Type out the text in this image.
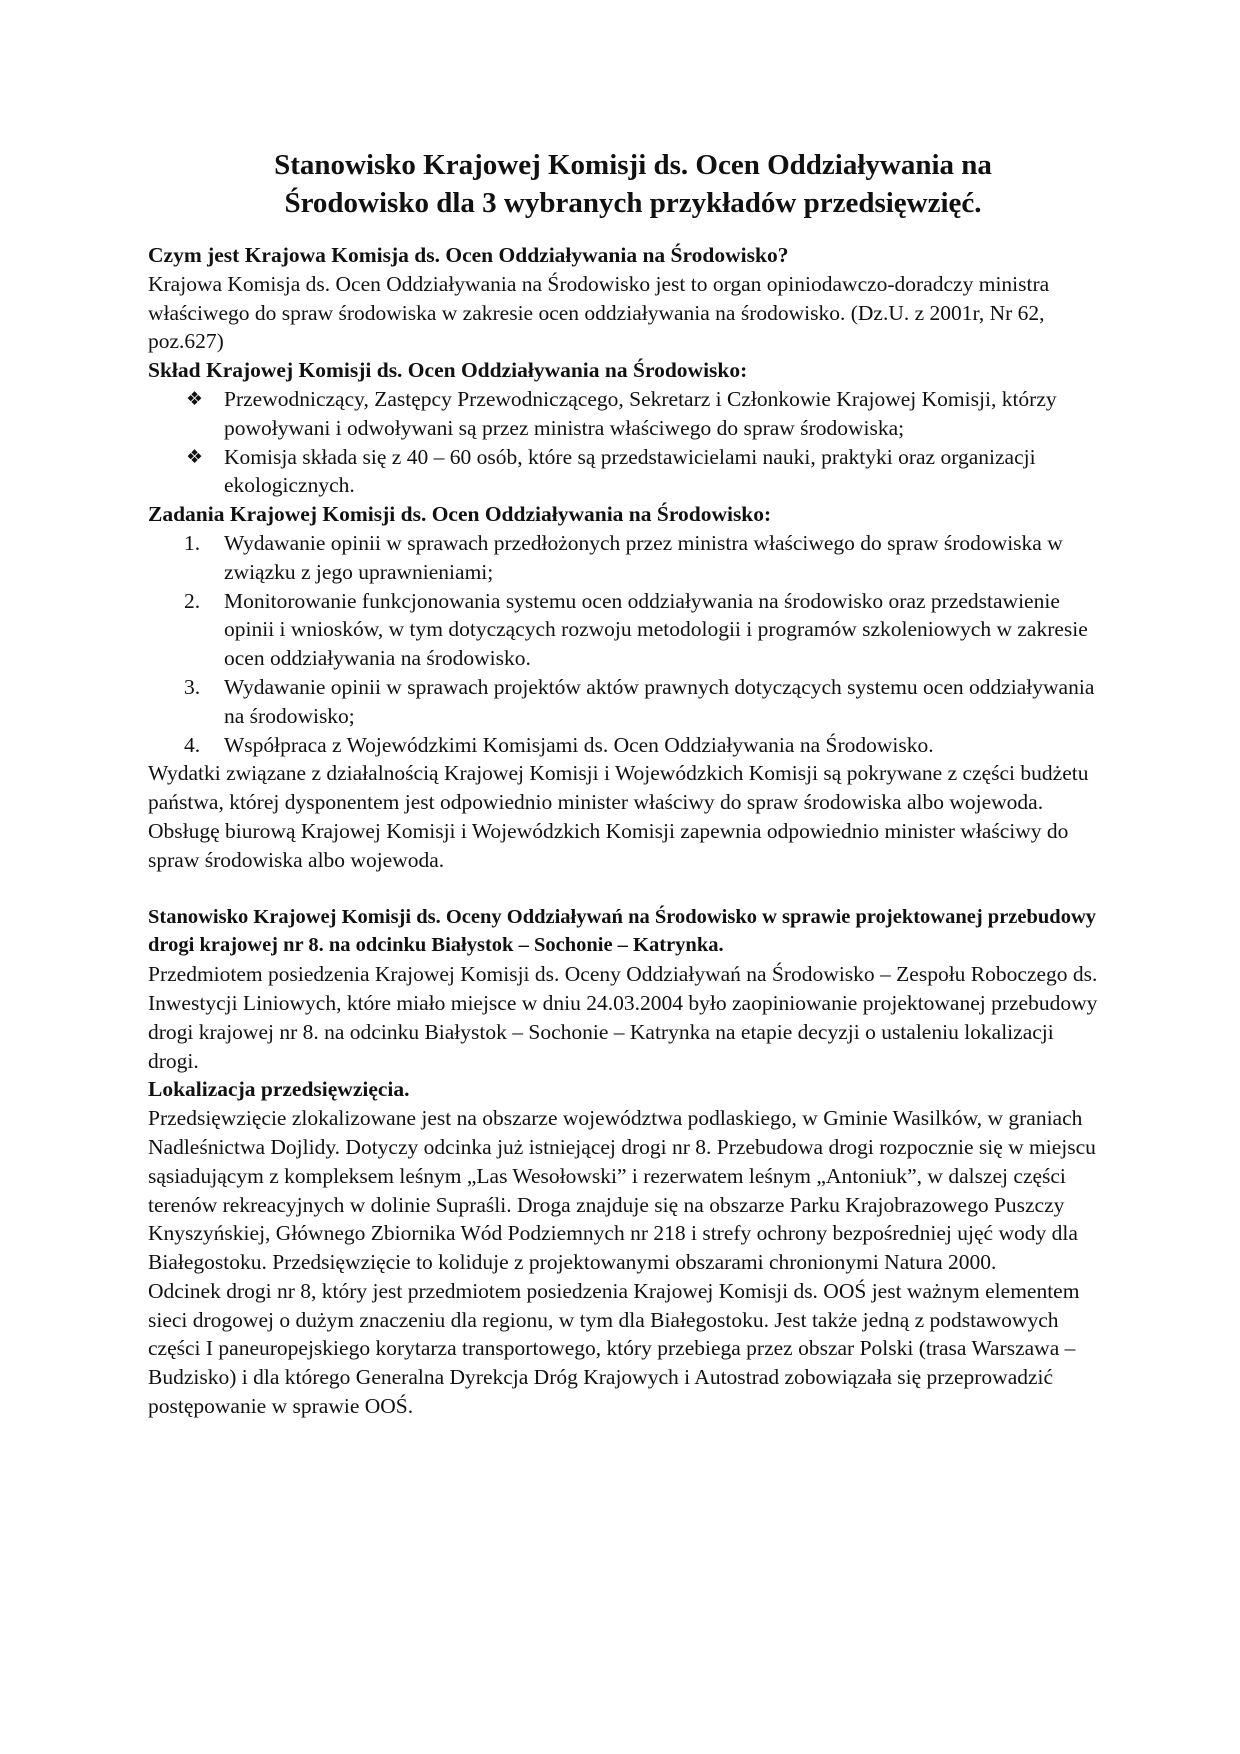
Stanowisko Krajowej Komisji ds. Ocen Oddziaływania na
Środowisko dla 3 wybranych przykładów przedsięwzięć.

Czym jest Krajowa Komisja ds. Ocen Oddziaływania na Środowisko?

Krajowa Komisja ds. Ocen Oddziaływania na Środowisko jest to organ opiniodawczo-doradczy ministra właściwego do spraw środowiska w zakresie ocen oddziaływania na środowisko. (Dz.U. z 2001r, Nr 62, poz.627)

Skład Krajowej Komisji ds. Ocen Oddziaływania na Środowisko:

❖ Przewodniczący, Zastępcy Przewodniczącego, Sekretarz i Członkowie Krajowej Komisji, którzy powoływani i odwoływani są przez ministra właściwego do spraw środowiska;
❖ Komisja składa się z 40 – 60 osób, które są przedstawicielami nauki, praktyki oraz organizacji ekologicznych.

Zadania Krajowej Komisji ds. Ocen Oddziaływania na Środowisko:

1. Wydawanie opinii w sprawach przedłożonych przez ministra właściwego do spraw środowiska w związku z jego uprawnieniami;
2. Monitorowanie funkcjonowania systemu ocen oddziaływania na środowisko oraz przedstawienie opinii i wniosków, w tym dotyczących rozwoju metodologii i programów szkoleniowych w zakresie ocen oddziaływania na środowisko.
3. Wydawanie opinii w sprawach projektów aktów prawnych dotyczących systemu ocen oddziaływania na środowisko;
4. Współpraca z Wojewódzkimi Komisjami ds. Ocen Oddziaływania na Środowisko.

Wydatki związane z działalnością Krajowej Komisji i Wojewódzkich Komisji są pokrywane z części budżetu państwa, której dysponentem jest odpowiednio minister właściwy do spraw środowiska albo wojewoda.

Obsługę biurową Krajowej Komisji i Wojewódzkich Komisji zapewnia odpowiednio minister właściwy do spraw środowiska albo wojewoda.

Stanowisko Krajowej Komisji ds. Oceny Oddziaływań na Środowisko w sprawie projektowanej przebudowy drogi krajowej nr 8. na odcinku Białystok – Sochonie – Katrynka.

Przedmiotem posiedzenia Krajowej Komisji ds. Oceny Oddziaływań na Środowisko – Zespołu Roboczego ds. Inwestycji Liniowych, które miało miejsce w dniu 24.03.2004 było zaopiniowanie projektowanej przebudowy drogi krajowej nr 8. na odcinku Białystok – Sochonie – Katrynka na etapie decyzji o ustaleniu lokalizacji drogi.

Lokalizacja przedsięwzięcia.

Przedsięwzięcie zlokalizowane jest na obszarze województwa podlaskiego, w Gminie Wasilków, w graniach Nadleśnictwa Dojlidy. Dotyczy odcinka już istniejącej drogi nr 8. Przebudowa drogi rozpocznie się w miejscu sąsiadującym z kompleksem leśnym „Las Wesołowski” i rezerwatem leśnym „Antoniuk”, w dalszej części terenów rekreacyjnych w dolinie Supraśli. Droga znajduje się na obszarze Parku Krajobrazowego Puszczy Knyszyńskiej, Głównego Zbiornika Wód Podziemnych nr 218 i strefy ochrony bezpośredniej ujęć wody dla Białegostoku. Przedsięwzięcie to koliduje z projektowanymi obszarami chronionymi Natura 2000.

Odcinek drogi nr 8, który jest przedmiotem posiedzenia Krajowej Komisji ds. OOŚ jest ważnym elementem sieci drogowej o dużym znaczeniu dla regionu, w tym dla Białegostoku. Jest także jedną z podstawowych części I paneuropejskiego korytarza transportowego, który przebiega przez obszar Polski (trasa Warszawa – Budzisko) i dla którego Generalna Dyrekcja Dróg Krajowych i Autostrad zobowiązała się przeprowadzić postępowanie w sprawie OOŚ.
